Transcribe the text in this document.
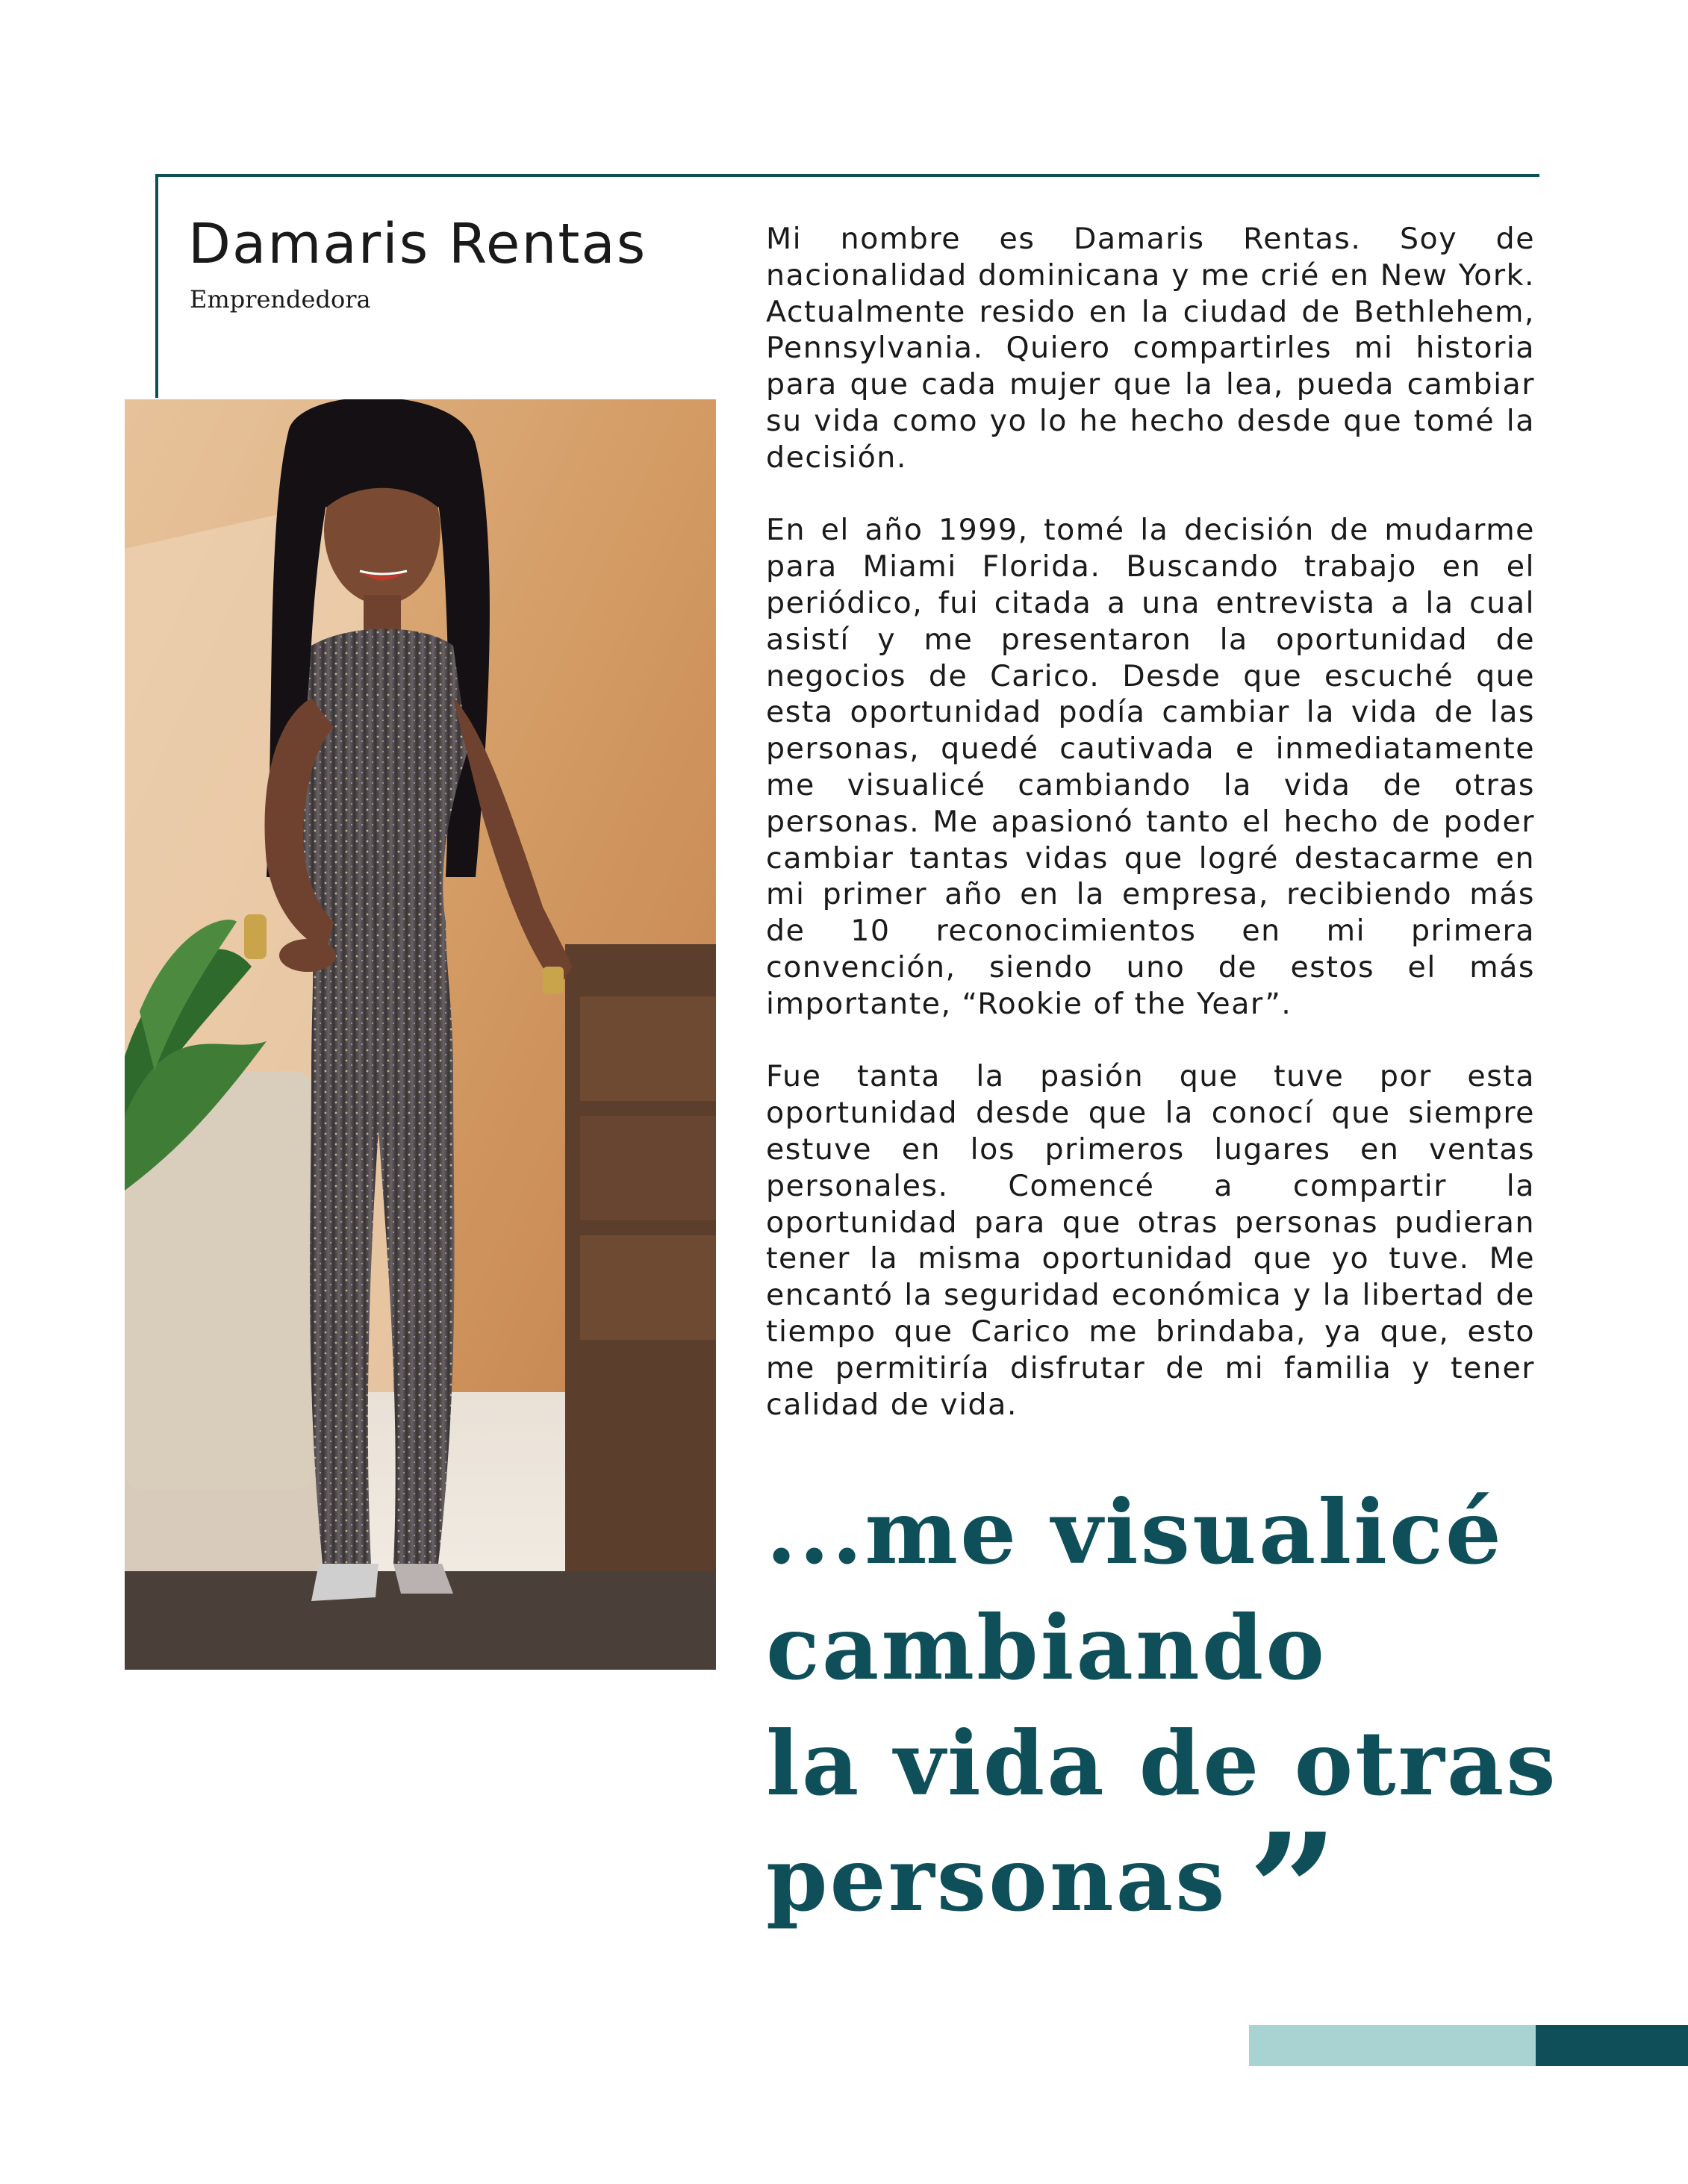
Damaris Rentas
Emprendedora

Mi nombre es Damaris Rentas. Soy de nacionalidad dominicana y me crié en New York. Actualmente resido en la ciudad de Bethlehem, Pennsylvania. Quiero compartirles mi historia para que cada mujer que la lea, pueda cambiar su vida como yo lo he hecho desde que tomé la decisión.

En el año 1999, tomé la decisión de mudarme para Miami Florida. Buscando trabajo en el periódico, fui citada a una entrevista a la cual asistí y me presentaron la oportunidad de negocios de Carico. Desde que escuché que esta oportunidad podía cambiar la vida de las personas, quedé cautivada e inmediatamente me visualicé cambiando la vida de otras personas. Me apasionó tanto el hecho de poder cambiar tantas vidas que logré destacarme en mi primer año en la empresa, recibiendo más de 10 reconocimientos en mi primera convención, siendo uno de estos el más importante, “Rookie of the Year”.

Fue tanta la pasión que tuve por esta oportunidad desde que la conocí que siempre estuve en los primeros lugares en ventas personales. Comencé a compartir la oportunidad para que otras personas pudieran tener la misma oportunidad que yo tuve. Me encantó la seguridad económica y la libertad de tiempo que Carico me brindaba, ya que, esto me permitiría disfrutar de mi familia y tener calidad de vida.

...me visualicé
cambiando
la vida de otras
personas ”
